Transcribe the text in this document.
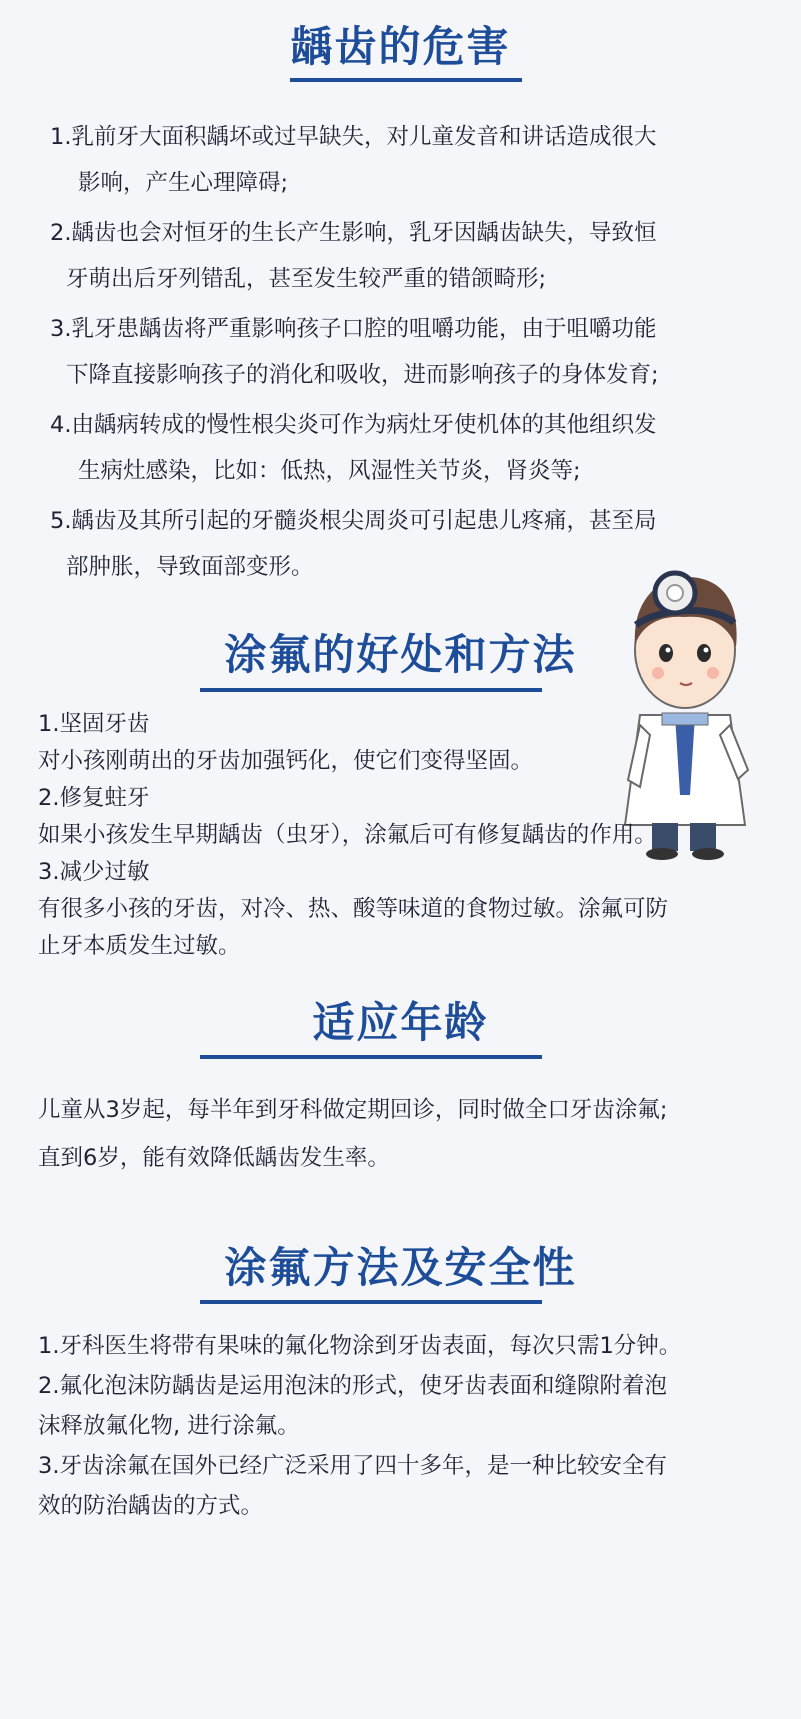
龋齿的危害
1.乳前牙大面积龋坏或过早缺失，对儿童发音和讲话造成很大
影响，产生心理障碍;
2.龋齿也会对恒牙的生长产生影响，乳牙因龋齿缺失，导致恒
牙萌出后牙列错乱，甚至发生较严重的错颌畸形;
3.乳牙患龋齿将严重影响孩子口腔的咀嚼功能，由于咀嚼功能
下降直接影响孩子的消化和吸收，进而影响孩子的身体发育;
4.由龋病转成的慢性根尖炎可作为病灶牙使机体的其他组织发
生病灶感染，比如：低热，风湿性关节炎，肾炎等;
5.龋齿及其所引起的牙髓炎根尖周炎可引起患儿疼痛，甚至局
部肿胀，导致面部变形。
涂氟的好处和方法
1.坚固牙齿
对小孩刚萌出的牙齿加强钙化，使它们变得坚固。
2.修复蛀牙
如果小孩发生早期龋齿（虫牙），涂氟后可有修复龋齿的作用。
3.减少过敏
有很多小孩的牙齿，对冷、热、酸等味道的食物过敏。涂氟可防
止牙本质发生过敏。
适应年龄
儿童从3岁起，每半年到牙科做定期回诊，同时做全口牙齿涂氟;
直到6岁，能有效降低龋齿发生率。
涂氟方法及安全性
1.牙科医生将带有果味的氟化物涂到牙齿表面，每次只需1分钟。
2.氟化泡沫防龋齿是运用泡沫的形式，使牙齿表面和缝隙附着泡
沫释放氟化物, 进行涂氟。
3.牙齿涂氟在国外已经广泛采用了四十多年，是一种比较安全有
效的防治龋齿的方式。
